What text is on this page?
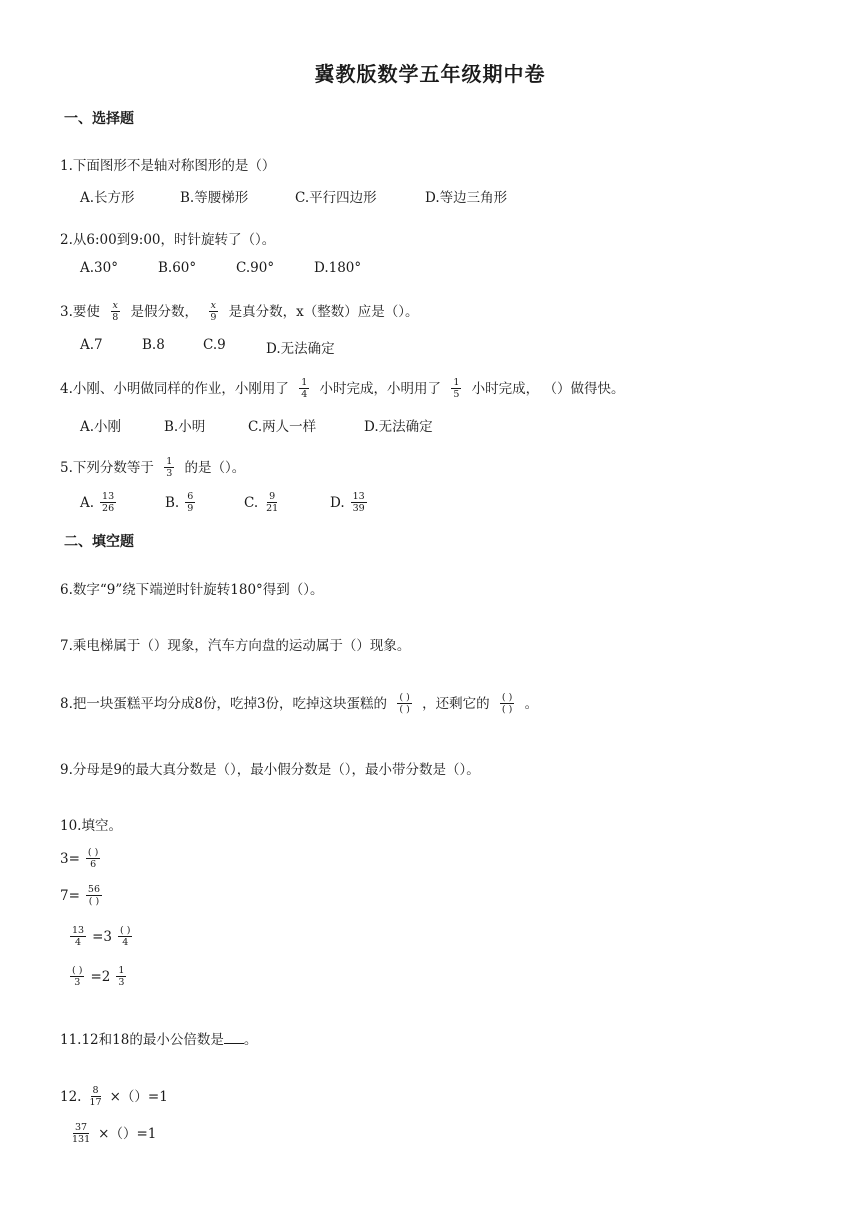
冀教版数学五年级期中卷
一、选择题
1.下面图形不是轴对称图形的是（）
A.长方形	B.等腰梯形	C.平行四边形	D.等边三角形
2.从6:00到9:00，时针旋转了（）。
A.30°	B.60°	C.90°	D.180°
3.要使 $\frac{x}{8}$ 是假分数， $\frac{x}{9}$ 是真分数，x（整数）应是（）。
A.7	B.8	C.9	D.无法确定
4.小刚、小明做同样的作业，小刚用了 $\frac{1}{4}$ 小时完成，小明用了 $\frac{1}{5}$ 小时完成， （）做得快。
A.小刚	B.小明	C.两人一样	D.无法确定
5.下列分数等于 $\frac{1}{3}$ 的是（）。
A. $\frac{13}{26}$	B. $\frac{6}{9}$	C. $\frac{9}{21}$	D. $\frac{13}{39}$
二、填空题
6.数字“9”绕下端逆时针旋转180°得到（）。
7.乘电梯属于（）现象，汽车方向盘的运动属于（）现象。
8.把一块蛋糕平均分成8份，吃掉3份，吃掉这块蛋糕的 $\frac{( )}{( )}$ ，还剩它的 $\frac{( )}{( )}$ 。
9.分母是9的最大真分数是（），最小假分数是（），最小带分数是（）。
10.填空。
$3= \frac{( )}{6}$
$7= \frac{56}{( )}$
$\frac{13}{4} =3 \frac{( )}{4}$
$\frac{( )}{3} =2 \frac{1}{3}$
11.12和18的最小公倍数是 。
12. $\frac{8}{17} \times()=1$
$\frac{37}{131} \times()=1$
